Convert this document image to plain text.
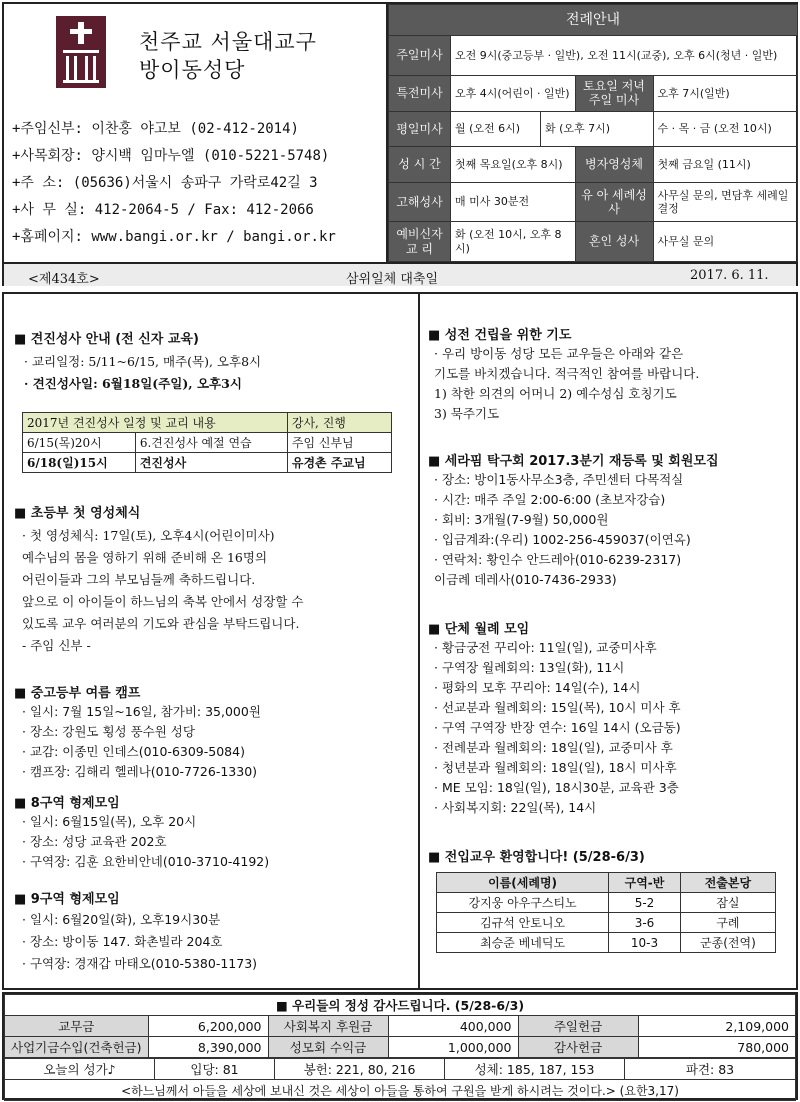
천주교 서울대교구
방이동성당
+주임신부: 이찬홍 야고보 (02-412-2014)
+사목회장: 양시백 임마누엘 (010-5221-5748)
+주 소: (05636)서울시 송파구 가락로42길 3
+사 무 실: 412-2064-5 / Fax: 412-2066
+홈페이지: www.bangi.or.kr / bangi.or.kr
전례안내				
주일미사	오전 9시(중고등부 · 일반), 오전 11시(교중), 오후 6시(청년 · 일반)			
특전미사	오후 4시(어린이 · 일반)		토요일 저녁 주일 미사	오후 7시(일반)
평일미사	월 (오전 6시)	화 (오후 7시)		수 · 목 · 금 (오전 10시)
성 시 간	첫째 목요일(오후 8시)		병자영성체	첫째 금요일 (11시)
고해성사	매 미사 30분전		유 아 세례성사	사무실 문의, 면담후 세례일 결정
예비신자 교 리	화 (오전 10시, 오후 8시)		혼인 성사	사무실 문의
<제434호>	삼위일체 대축일	2017. 6. 11.
■ 견진성사 안내 (전 신자 교육)
· 교리일정: 5/11~6/15, 매주(목), 오후8시
· 견진성사일: 6월18일(주일), 오후3시
2017년 견진성사 일정 및 교리 내용		강사, 진행
6/15(목)20시	6.견진성사 예절 연습	주임 신부님
6/18(일)15시	견진성사	유경촌 주교님
■ 초등부 첫 영성체식
· 첫 영성체식: 17일(토), 오후4시(어린이미사)
예수님의 몸을 영하기 위해 준비해 온 16명의
어린이들과 그의 부모님들께 축하드립니다.
앞으로 이 아이들이 하느님의 축복 안에서 성장할 수
있도록 교우 여러분의 기도와 관심을 부탁드립니다.
- 주임 신부 -
■ 중고등부 여름 캠프
· 일시: 7월 15일~16일, 참가비: 35,000원
· 장소: 강원도 횡성 풍수원 성당
· 교감: 이종민 인데스(010-6309-5084)
· 캠프장: 김해리 헬레나(010-7726-1330)
■ 8구역 형제모임
· 일시: 6월15일(목), 오후 20시
· 장소: 성당 교육관 202호
· 구역장: 김훈 요한비안네(010-3710-4192)
■ 9구역 형제모임
· 일시: 6월20일(화), 오후19시30분
· 장소: 방이동 147. 화촌빌라 204호
· 구역장: 경재갑 마태오(010-5380-1173)
■ 성전 건립을 위한 기도
· 우리 방이동 성당 모든 교우들은 아래와 같은
기도를 바치겠습니다. 적극적인 참여를 바랍니다.
1) 착한 의견의 어머니 2) 예수성심 호칭기도
3) 묵주기도
■ 세라핌 탁구회 2017.3분기 재등록 및 회원모집
· 장소: 방이1동사무소3층, 주민센터 다목적실
· 시간: 매주 주일 2:00-6:00 (초보자강습)
· 회비: 3개월(7-9월) 50,000원
· 입금계좌:(우리) 1002-256-459037(이연옥)
· 연락처: 황인수 안드레아(010-6239-2317)
이금례 데레사(010-7436-2933)
■ 단체 월례 모임
· 황금궁전 꾸리아: 11일(일), 교중미사후
· 구역장 월례회의: 13일(화), 11시
· 평화의 모후 꾸리아: 14일(수), 14시
· 선교분과 월례회의: 15일(목), 10시 미사 후
· 구역 구역장 반장 연수: 16일 14시 (오금동)
· 전례분과 월례회의: 18일(일), 교중미사 후
· 청년분과 월례회의: 18일(일), 18시 미사후
· ME 모임: 18일(일), 18시30분, 교육관 3층
· 사회복지회: 22일(목), 14시
■ 전입교우 환영합니다! (5/28-6/3)
이름(세례명)	구역-반	전출본당
강지웅 아우구스티노	5-2	잠실
김규석 안토니오	3-6	구례
최승준 베네딕도	10-3	군종(전역)
■ 우리들의 정성 감사드립니다. (5/28-6/3)					
교무금	6,200,000	사회복지 후원금	400,000	주일헌금	2,109,000
사업기금수입(건축헌금)	8,390,000	성모회 수익금	1,000,000	감사헌금	780,000
오늘의 성가♪	입당: 81	봉헌: 221, 80, 216	성체: 185, 187, 153	파견: 83
<하느님께서 아들을 세상에 보내신 것은 세상이 아들을 통하여 구원을 받게 하시려는 것이다.> (요한3,17)
